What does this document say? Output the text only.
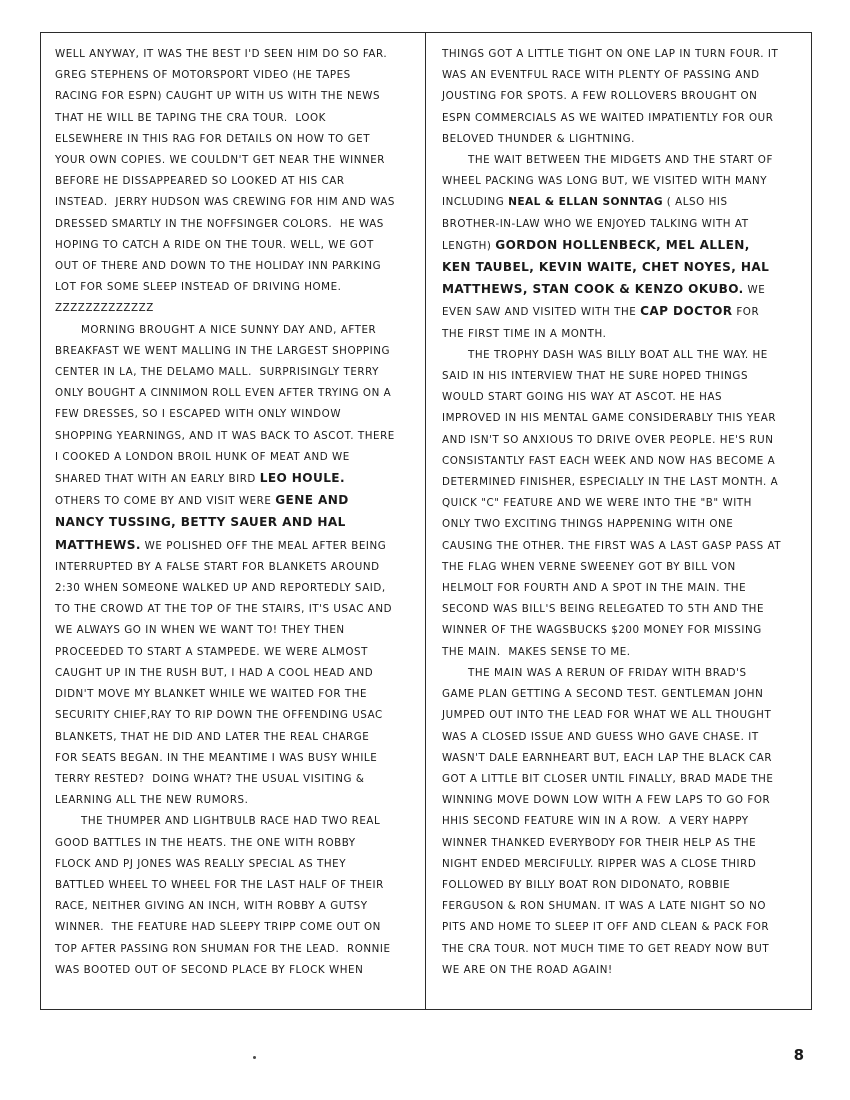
WELL ANYWAY, IT WAS THE BEST I'D SEEN HIM DO SO FAR. GREG STEPHENS OF MOTORSPORT VIDEO (HE TAPES RACING FOR ESPN) CAUGHT UP WITH US WITH THE NEWS THAT HE WILL BE TAPING THE CRA TOUR.  LOOK ELSEWHERE IN THIS RAG FOR DETAILS ON HOW TO GET YOUR OWN COPIES. WE COULDN'T GET NEAR THE WINNER BEFORE HE DISSAPPEARED SO LOOKED AT HIS CAR INSTEAD.  JERRY HUDSON WAS CREWING FOR HIM AND WAS DRESSED SMARTLY IN THE NOFFSINGER COLORS.  HE WAS HOPING TO CATCH A RIDE ON THE TOUR. WELL, WE GOT OUT OF THERE AND DOWN TO THE HOLIDAY INN PARKING LOT FOR SOME SLEEP INSTEAD OF DRIVING HOME.

ZZZZZZZZZZZZZ

MORNING BROUGHT A NICE SUNNY DAY AND, AFTER BREAKFAST WE WENT MALLING IN THE LARGEST SHOPPING CENTER IN LA, THE DELAMO MALL.  SURPRISINGLY TERRY ONLY BOUGHT A CINNIMON ROLL EVEN AFTER TRYING ON A FEW DRESSES, SO I ESCAPED WITH ONLY WINDOW SHOPPING YEARNINGS, AND IT WAS BACK TO ASCOT. THERE I COOKED A LONDON BROIL HUNK OF MEAT AND WE SHARED THAT WITH AN EARLY BIRD LEO HOULE.

OTHERS TO COME BY AND VISIT WERE GENE AND NANCY TUSSING, BETTY SAUER AND HAL MATTHEWS. WE POLISHED OFF THE MEAL AFTER BEING INTERRUPTED BY A FALSE START FOR BLANKETS AROUND 2:30 WHEN SOMEONE WALKED UP AND REPORTEDLY SAID, TO THE CROWD AT THE TOP OF THE STAIRS, IT'S USAC AND WE ALWAYS GO IN WHEN WE WANT TO! THEY THEN PROCEEDED TO START A STAMPEDE. WE WERE ALMOST CAUGHT UP IN THE RUSH BUT, I HAD A COOL HEAD AND DIDN'T MOVE MY BLANKET WHILE WE WAITED FOR THE SECURITY CHIEF,RAY TO RIP DOWN THE OFFENDING USAC BLANKETS, THAT HE DID AND LATER THE REAL CHARGE FOR SEATS BEGAN. IN THE MEANTIME I WAS BUSY WHILE TERRY RESTED?  DOING WHAT? THE USUAL VISITING & LEARNING ALL THE NEW RUMORS.

THE THUMPER AND LIGHTBULB RACE HAD TWO REAL GOOD BATTLES IN THE HEATS. THE ONE WITH ROBBY FLOCK AND PJ JONES WAS REALLY SPECIAL AS THEY BATTLED WHEEL TO WHEEL FOR THE LAST HALF OF THEIR RACE, NEITHER GIVING AN INCH, WITH ROBBY A GUTSY WINNER.  THE FEATURE HAD SLEEPY TRIPP COME OUT ON TOP AFTER PASSING RON SHUMAN FOR THE LEAD.  RONNIE WAS BOOTED OUT OF SECOND PLACE BY FLOCK WHEN

THINGS GOT A LITTLE TIGHT ON ONE LAP IN TURN FOUR. IT WAS AN EVENTFUL RACE WITH PLENTY OF PASSING AND JOUSTING FOR SPOTS. A FEW ROLLOVERS BROUGHT ON ESPN COMMERCIALS AS WE WAITED IMPATIENTLY FOR OUR BELOVED THUNDER & LIGHTNING.

THE WAIT BETWEEN THE MIDGETS AND THE START OF WHEEL PACKING WAS LONG BUT, WE VISITED WITH MANY INCLUDING NEAL & ELLAN SONNTAG ( ALSO HIS BROTHER-IN-LAW WHO WE ENJOYED TALKING WITH AT LENGTH) GORDON HOLLENBECK, MEL ALLEN, KEN TAUBEL, KEVIN WAITE, CHET NOYES, HAL MATTHEWS, STAN COOK & KENZO OKUBO. WE EVEN SAW AND VISITED WITH THE CAP DOCTOR FOR THE FIRST TIME IN A MONTH.

THE TROPHY DASH WAS BILLY BOAT ALL THE WAY. HE SAID IN HIS INTERVIEW THAT HE SURE HOPED THINGS WOULD START GOING HIS WAY AT ASCOT. HE HAS IMPROVED IN HIS MENTAL GAME CONSIDERABLY THIS YEAR AND ISN'T SO ANXIOUS TO DRIVE OVER PEOPLE. HE'S RUN CONSISTANTLY FAST EACH WEEK AND NOW HAS BECOME A DETERMINED FINISHER, ESPECIALLY IN THE LAST MONTH. A QUICK "C" FEATURE AND WE WERE INTO THE "B" WITH ONLY TWO EXCITING THINGS HAPPENING WITH ONE CAUSING THE OTHER. THE FIRST WAS A LAST GASP PASS AT THE FLAG WHEN VERNE SWEENEY GOT BY BILL VON HELMOLT FOR FOURTH AND A SPOT IN THE MAIN. THE SECOND WAS BILL'S BEING RELEGATED TO 5TH AND THE WINNER OF THE WAGSBUCKS $200 MONEY FOR MISSING THE MAIN.  MAKES SENSE TO ME.

THE MAIN WAS A RERUN OF FRIDAY WITH BRAD'S GAME PLAN GETTING A SECOND TEST. GENTLEMAN JOHN JUMPED OUT INTO THE LEAD FOR WHAT WE ALL THOUGHT WAS A CLOSED ISSUE AND GUESS WHO GAVE CHASE. IT WASN'T DALE EARNHEART BUT, EACH LAP THE BLACK CAR GOT A LITTLE BIT CLOSER UNTIL FINALLY, BRAD MADE THE WINNING MOVE DOWN LOW WITH A FEW LAPS TO GO FOR HHIS SECOND FEATURE WIN IN A ROW.  A VERY HAPPY WINNER THANKED EVERYBODY FOR THEIR HELP AS THE NIGHT ENDED MERCIFULLY. RIPPER WAS A CLOSE THIRD FOLLOWED BY BILLY BOAT RON DIDONATO, ROBBIE FERGUSON & RON SHUMAN. IT WAS A LATE NIGHT SO NO PITS AND HOME TO SLEEP IT OFF AND CLEAN & PACK FOR THE CRA TOUR. NOT MUCH TIME TO GET READY NOW BUT WE ARE ON THE ROAD AGAIN!

8
